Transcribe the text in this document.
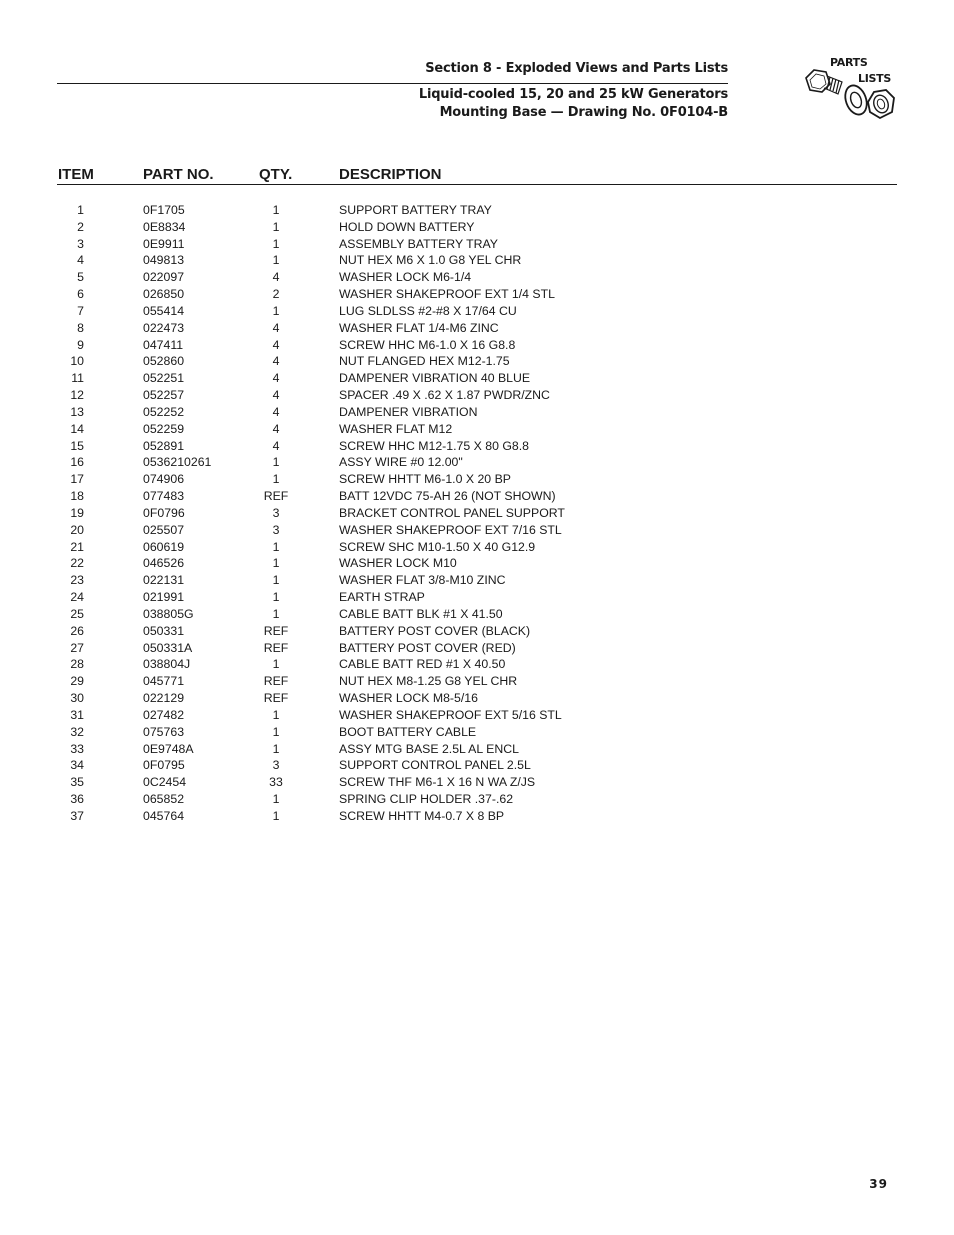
Section 8 - Exploded Views and Parts Lists
Liquid-cooled 15, 20 and 25 kW Generators
Mounting Base — Drawing No. 0F0104-B
PARTS
LISTS
ITEM	PART NO.	QTY.	DESCRIPTION
1	0F1705	1	SUPPORT BATTERY TRAY
2	0E8834	1	HOLD DOWN BATTERY
3	0E9911	1	ASSEMBLY BATTERY TRAY
4	049813	1	NUT HEX M6 X 1.0 G8 YEL CHR
5	022097	4	WASHER LOCK M6-1/4
6	026850	2	WASHER SHAKEPROOF EXT 1/4 STL
7	055414	1	LUG SLDLSS #2-#8 X 17/64 CU
8	022473	4	WASHER FLAT 1/4-M6 ZINC
9	047411	4	SCREW HHC M6-1.0 X 16 G8.8
10	052860	4	NUT FLANGED HEX M12-1.75
11	052251	4	DAMPENER VIBRATION 40 BLUE
12	052257	4	SPACER .49 X .62 X 1.87 PWDR/ZNC
13	052252	4	DAMPENER VIBRATION
14	052259	4	WASHER FLAT M12
15	052891	4	SCREW HHC M12-1.75 X 80 G8.8
16	0536210261	1	ASSY WIRE #0 12.00"
17	074906	1	SCREW HHTT M6-1.0 X 20 BP
18	077483	REF	BATT 12VDC 75-AH 26 (NOT SHOWN)
19	0F0796	3	BRACKET CONTROL PANEL SUPPORT
20	025507	3	WASHER SHAKEPROOF EXT 7/16 STL
21	060619	1	SCREW SHC M10-1.50 X 40 G12.9
22	046526	1	WASHER LOCK M10
23	022131	1	WASHER FLAT 3/8-M10 ZINC
24	021991	1	EARTH STRAP
25	038805G	1	CABLE BATT BLK #1 X 41.50
26	050331	REF	BATTERY POST COVER (BLACK)
27	050331A	REF	BATTERY POST COVER (RED)
28	038804J	1	CABLE BATT RED #1 X 40.50
29	045771	REF	NUT HEX M8-1.25 G8 YEL CHR
30	022129	REF	WASHER LOCK M8-5/16
31	027482	1	WASHER SHAKEPROOF EXT 5/16 STL
32	075763	1	BOOT BATTERY CABLE
33	0E9748A	1	ASSY MTG BASE 2.5L AL ENCL
34	0F0795	3	SUPPORT CONTROL PANEL 2.5L
35	0C2454	33	SCREW THF M6-1 X 16 N WA Z/JS
36	065852	1	SPRING CLIP HOLDER .37-.62
37	045764	1	SCREW HHTT M4-0.7 X 8 BP
39
